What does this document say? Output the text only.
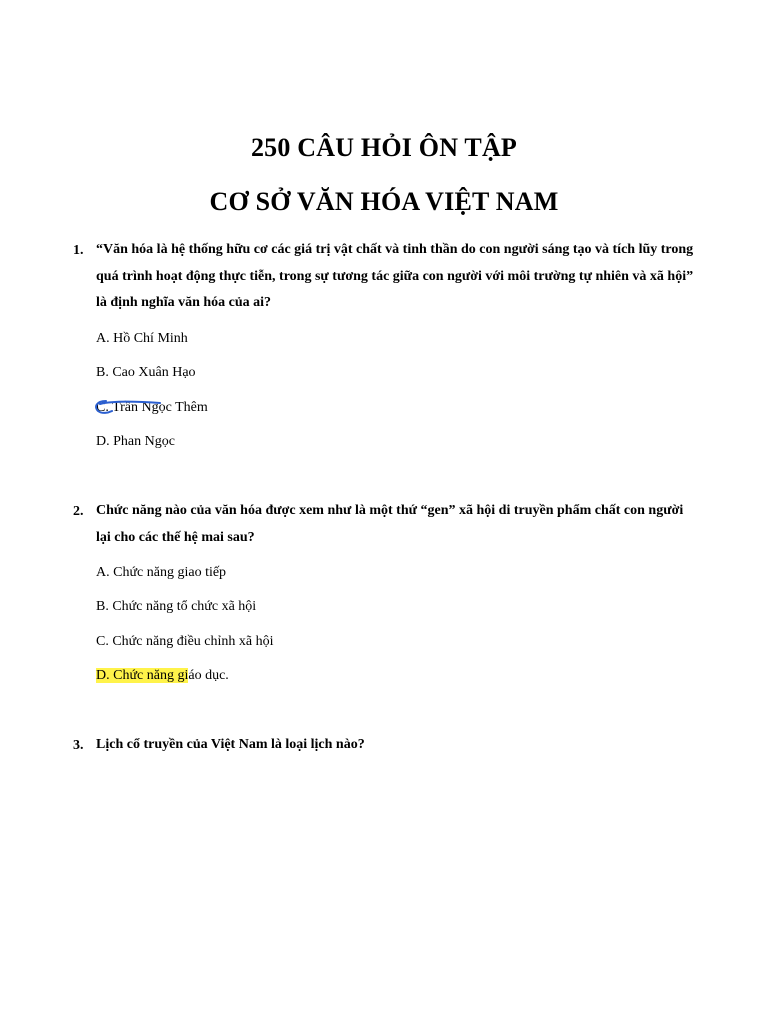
250 CÂU HỎI ÔN TẬP
CƠ SỞ VĂN HÓA VIỆT NAM
1. “Văn hóa là hệ thống hữu cơ các giá trị vật chất và tinh thần do con người sáng tạo và tích lũy trong quá trình hoạt động thực tiễn, trong sự tương tác giữa con người với môi trường tự nhiên và xã hội” là định nghĩa văn hóa của ai?
A. Hồ Chí Minh
B. Cao Xuân Hạo
C. Trần Ngọc Thêm
D. Phan Ngọc
2. Chức năng nào của văn hóa được xem như là một thứ “gen” xã hội di truyền phẩm chất con người lại cho các thế hệ mai sau?
A. Chức năng giao tiếp
B. Chức năng tổ chức xã hội
C. Chức năng điều chỉnh xã hội
D. Chức năng giáo dục.
3. Lịch cổ truyền của Việt Nam là loại lịch nào?
